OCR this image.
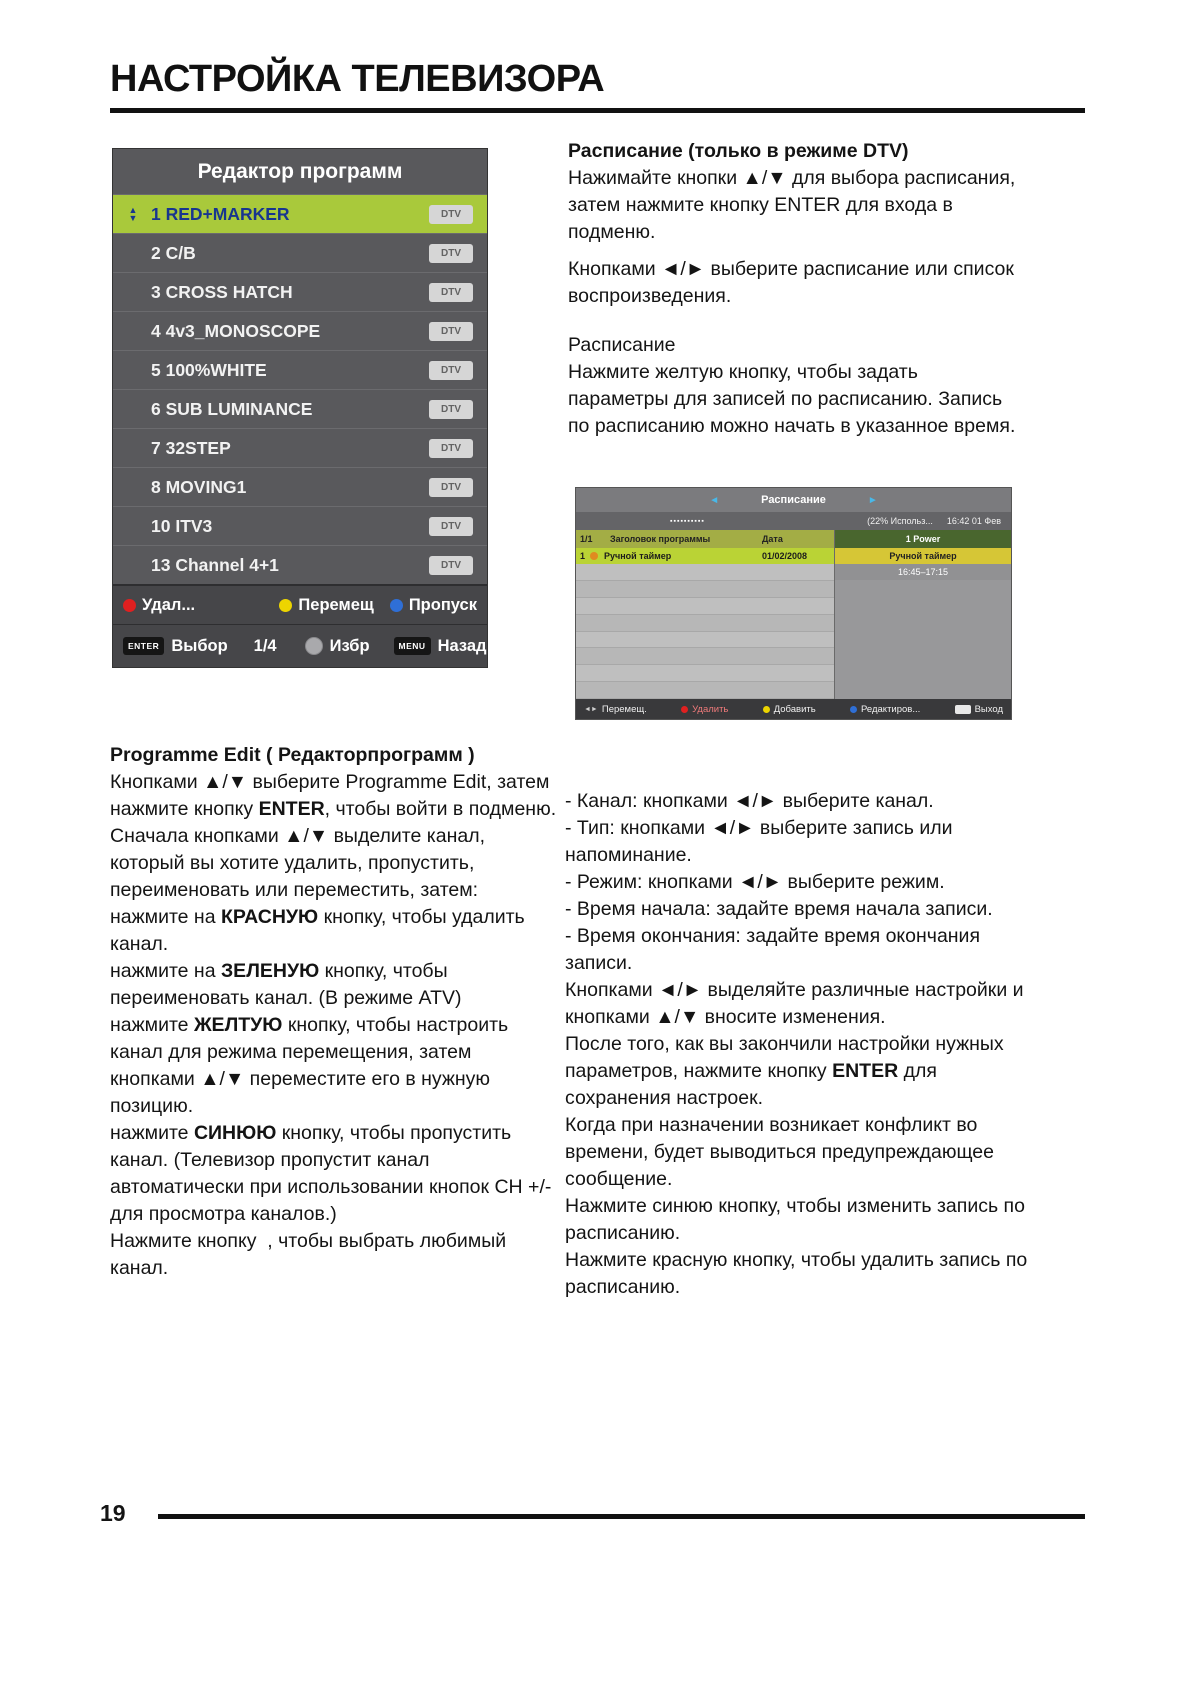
НАСТРОЙКА ТЕЛЕВИЗОРА
Редактор программ
▲
▼ 1 RED+MARKER	DTV
2 C/B	DTV
3 CROSS HATCH	DTV
4 4v3_MONOSCOPE	DTV
5 100%WHITE	DTV
6 SUB LUMINANCE	DTV
7 32STEP	DTV
8 MOVING1	DTV
10 ITV3	DTV
13 Channel 4+1	DTV
Удал...	Перемещ Пропуск
ENTER Выбор 1/4	Избр	MENU Назад
Расписание (только в режиме DTV)
Нажимайте кнопки ▲/▼ для выбора расписания, затем нажмите кнопку ENTER для входа в подменю.
Кнопками ◄/► выберите расписание или список воспроизведения.
Расписание
Нажмите желтую кнопку, чтобы задать параметры для записей по расписанию. Запись по расписанию можно начать в указанное время.
◄	Расписание	►
▪▪▪▪▪▪▪▪▪▪	(22% Использ... 16:42 01 Фев
1/1	Заголовок программы	Дата
1	Ручной таймер	01/02/2008
1 Power
Ручной таймер
16:45–17:15
◄► Перемещ.	Удалить	Добавить	Редактиров...	Выход
Programme Edit ( Редакторпрограмм )
Кнопками ▲/▼ выберите Programme Edit, затем нажмите кнопку ENTER, чтобы войти в подменю.
Сначала кнопками ▲/▼ выделите канал, который вы хотите удалить, пропустить, переименовать или переместить, затем:
нажмите на КРАСНУЮ кнопку, чтобы удалить канал.
нажмите на ЗЕЛЕНУЮ кнопку, чтобы переименовать канал. (В режиме ATV)
нажмите ЖЕЛТУЮ кнопку, чтобы настроить канал для режима перемещения, затем кнопками ▲/▼ переместите его в нужную позицию.
нажмите СИНЮЮ кнопку, чтобы пропустить канал. (Телевизор пропустит канал автоматически при использовании кнопок CH +/- для просмотра каналов.)
Нажмите кнопку  , чтобы выбрать любимый канал.
- Канал: кнопками ◄/► выберите канал.
- Тип: кнопками ◄/► выберите запись или напоминание.
- Режим: кнопками ◄/► выберите режим.
- Время начала: задайте время начала записи.
- Время окончания: задайте время окончания записи.
Кнопками ◄/► выделяйте различные настройки и кнопками ▲/▼ вносите изменения.
После того, как вы закончили настройки нужных параметров, нажмите кнопку ENTER для сохранения настроек.
Когда при назначении возникает конфликт во времени, будет выводиться предупреждающее сообщение.
Нажмите синюю кнопку, чтобы изменить запись по расписанию.
Нажмите красную кнопку, чтобы удалить запись по расписанию.
19
